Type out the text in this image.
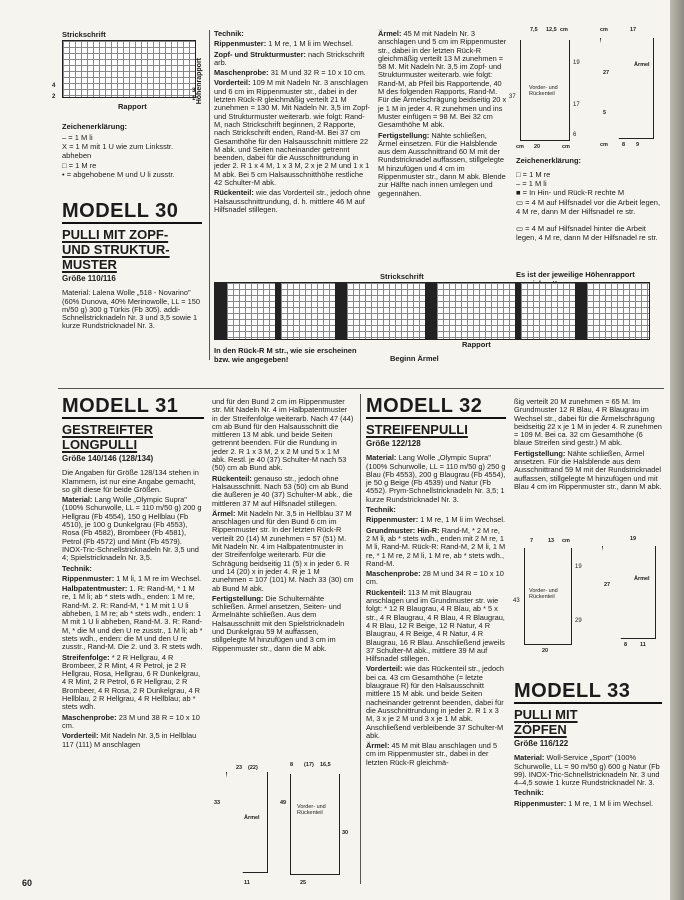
Strickschrift
Rapport
Höhenrapport
4
2
3
1
Zeichenerklärung:
– = 1 M li
X = 1 M mit 1 U wie zum Linksstr. abheben
□ = 1 M re
• = abgehobene M und U li zusstr.
MODELL 30
PULLI MIT ZOPF-
UND STRUKTUR-
MUSTER
Größe 110/116

Material: Lalena Wolle „518 - Novarino" (60% Dunova, 40% Merinowolle, LL = 150 m/50 g) 300 g Türkis (Fb 305). addi-Schnellstricknadeln Nr. 3 und 3,5 sowie 1 kurze Rundstricknadel Nr. 3.

Technik:

Rippenmuster: 1 M re, 1 M li im Wechsel.

Zopf- und Strukturmuster: nach Strickschrift arb.

Maschenprobe: 31 M und 32 R = 10 x 10 cm.

Vorderteil: 109 M mit Nadeln Nr. 3 anschlagen und 6 cm im Rippenmuster str., dabei in der letzten Rück-R gleichmäßig verteilt 21 M zunehmen = 130 M. Mit Nadeln Nr. 3,5 im Zopf- und Strukturmuster weiterarb. wie folgt: Rand-M, nach Strickschrift beginnen, 2 Rapporte, nach Strickschrift enden, Rand-M. Bei 37 cm Gesamthöhe für den Halsausschnitt mittlere 22 M abk. und Seiten nacheinander getrennt beenden, dabei für die Ausschnittrundung in jeder 2. R 1 x 4 M, 1 x 3 M, 2 x je 2 M und 1 x 1 M abk. Bei 5 cm Halsausschnitthöhe restliche 42 Schulter-M abk.

Rückenteil: wie das Vorderteil str., jedoch ohne Halsausschnittrundung, d. h. mittlere 46 M auf Hilfsnadel stillegen.

Ärmel: 45 M mit Nadeln Nr. 3 anschlagen und 5 cm im Rippenmuster str., dabei in der letzten Rück-R gleichmäßig verteilt 13 M zunehmen = 58 M. Mit Nadeln Nr. 3,5 im Zopf- und Strukturmuster weiterarb. wie folgt: Rand-M, ab Pfeil bis Rapportende, 40 M des folgenden Rapports, Rand-M. Für die Ärmelschrägung beidseitig 20 x je 1 M in jeder 4. R zunehmen und ins Muster einfügen = 98 M. Bei 32 cm Gesamthöhe M abk.

Fertigstellung: Nähte schließen, Ärmel einsetzen. Für die Halsblende aus dem Ausschnittrand 60 M mit der Rundstricknadel auffassen, stillgelegte M hinzufügen und 4 cm im Rippenmuster str., dann M abk. Blende zur Hälfte nach innen umlegen und gegennähen.

Vorder- und Rückenteil
19
17
6
37
7,5 12,5 cm
20
cm	cm
Ärmel
27
5
cm	17
cm	8 9
Zeichenerklärung:
□ = 1 M re
– = 1 M li
■ = In Hin- und Rück-R rechte M
▭ = 4 M auf Hilfsnadel vor die Arbeit legen, 4 M re, dann M der Hilfsnadel re str.
▭ = 4 M auf Hilfsnadel hinter die Arbeit legen, 4 M re, dann M der Hilfsnadel re str.
Es ist der jeweilige Höhenrapport
Strickschrift
In den Rück-R M str., wie sie erscheinen bzw. wie angegeben!
Rapport
Beginn Ärmel
MODELL 31
GESTREIFTER
LONGPULLI
Größe 140/146 (128/134)

Die Angaben für Größe 128/134 stehen in Klammern, ist nur eine Angabe gemacht, so gilt diese für beide Größen.

Material: Lang Wolle „Olympic Supra" (100% Schurwolle, LL = 110 m/50 g) 200 g Hellgrau (Fb 4554), 150 g Hellblau (Fb 4510), je 100 g Dunkelgrau (Fb 4553), Rosa (Fb 4582), Brombeer (Fb 4581), Petrol (Fb 4572) und Mint (Fb 4579). INOX-Tric-Schnellstricknadeln Nr. 3,5 und 4; Spielstricknadeln Nr. 3,5.

Technik:

Rippenmuster: 1 M li, 1 M re im Wechsel.

Halbpatentmuster: 1. R: Rand-M, * 1 M re, 1 M li; ab * stets wdh., enden: 1 M re, Rand-M. 2. R: Rand-M, * 1 M mit 1 U li abheben, 1 M re; ab * stets wdh., enden: 1 M mit 1 U li abheben, Rand-M. 3. R: Rand-M, * die M und den U re zusstr., 1 M li; ab * stets wdh., enden: die M und den U re zusstr., Rand-M. Die 2. und 3. R stets wdh.

Streifenfolge: * 2 R Hellgrau, 4 R Brombeer, 2 R Mint, 4 R Petrol, je 2 R Hellgrau, Rosa, Hellgrau, 6 R Dunkelgrau, 4 R Mint, 2 R Petrol, 6 R Hellgrau, 2 R Brombeer, 4 R Rosa, 2 R Dunkelgrau, 4 R Hellblau, 2 R Hellgrau, 4 R Hellblau; ab * stets wdh.

Maschenprobe: 23 M und 38 R = 10 x 10 cm.

Vorderteil: Mit Nadeln Nr. 3,5 in Hellblau 117 (111) M anschlagen

und für den Bund 2 cm im Rippenmuster str. Mit Nadeln Nr. 4 im Halbpatentmuster in der Streifenfolge weiterarb. Nach 47 (44) cm ab Bund für den Halsausschnitt die mittleren 13 M abk. und beide Seiten getrennt beenden. Für die Rundung in jeder 2. R 1 x 3 M, 2 x 2 M und 5 x 1 M abk. Restl. je 40 (37) Schulter-M nach 53 (50) cm ab Bund abk.

Rückenteil: genauso str., jedoch ohne Halsausschnitt. Nach 53 (50) cm ab Bund die äußeren je 40 (37) Schulter-M abk., die mittleren 37 M auf Hilfsnadel stillegen.

Ärmel: Mit Nadeln Nr. 3,5 in Hellblau 37 M anschlagen und für den Bund 6 cm im Rippenmuster str. In der letzten Rück-R verteilt 20 (14) M zunehmen = 57 (51) M. Mit Nadeln Nr. 4 im Halbpatentmuster in der Streifenfolge weiterarb. Für die Schrägung beidseitig 11 (5) x in jeder 6. R und 14 (20) x in jeder 4. R je 1 M zunehmen = 107 (101) M. Nach 33 (30) cm ab Bund M abk.

Fertigstellung: Die Schulternähte schließen. Ärmel ansetzen, Seiten- und Ärmelnähte schließen. Aus dem Halsausschnitt mit den Spielstricknadeln und Dunkelgrau 59 M auffassen, stillgelegte M hinzufügen und 3 cm im Rippenmuster str., dann die M abk.

Ärmel
Vorder- und Rückenteil
8 (17) 16,5
23 (22)
33	49
30
25
11
MODELL 32
STREIFENPULLI
Größe 122/128

Material: Lang Wolle „Olympic Supra" (100% Schurwolle, LL = 110 m/50 g) 250 g Blau (Fb 4553), 200 g Blaugrau (Fb 4554), je 50 g Beige (Fb 4539) und Natur (Fb 4552). Prym-Schnellstricknadeln Nr. 3,5; 1 kurze Rundstricknadel Nr. 3.

Technik:

Rippenmuster: 1 M re, 1 M li im Wechsel.

Grundmuster: Hin-R: Rand-M, * 2 M re, 2 M li, ab * stets wdh., enden mit 2 M re, 1 M li, Rand-M. Rück-R: Rand-M, 2 M li, 1 M re, * 1 M re, 2 M li, 1 M re, ab * stets wdh., Rand-M.

Maschenprobe: 28 M und 34 R = 10 x 10 cm.

Rückenteil: 113 M mit Blaugrau anschlagen und im Grundmuster str. wie folgt: * 12 R Blaugrau, 4 R Blau, ab * 5 x str., 4 R Blaugrau, 4 R Blau, 4 R Blaugrau, 4 R Blau, 12 R Beige, 12 R Natur, 4 R Blaugrau, 4 R Beige, 4 R Natur, 4 R Blaugrau, 16 R Blau. Anschließend jeweils 37 Schulter-M abk., mittlere 39 M auf Hilfsnadel stillegen.

Vorderteil: wie das Rückenteil str., jedoch bei ca. 43 cm Gesamthöhe (= letzte blaugraue R) für den Halsausschnitt mittlere 15 M abk. und beide Seiten nacheinander getrennt beenden, dabei für die Ausschnittrundung in jeder 2. R 1 x 3 M, 3 x je 2 M und 3 x je 1 M abk. Anschließend verbleibende 37 Schulter-M abk.

Ärmel: 45 M mit Blau anschlagen und 5 cm im Rippenmuster str., dabei in der letzten Rück-R gleichmä-

ßig verteilt 20 M zunehmen = 65 M. Im Grundmuster 12 R Blau, 4 R Blaugrau im Wechsel str., dabei für die Ärmelschrägung beidseitig 22 x je 1 M in jeder 4. R zunehmen = 109 M. Bei ca. 32 cm Gesamthöhe (6 blaue Streifen sind gestr.) M abk.

Fertigstellung: Nähte schließen, Ärmel ansetzen. Für die Halsblende aus dem Ausschnittrand 59 M mit der Rundstricknadel auffassen, stillgelegte M hinzufügen und mit Blau 4 cm im Rippenmuster str., dann M abk.

Vorder- und Rückenteil
19
29
43
7	13 cm
20
Ärmel
27
19
8 11
MODELL 33
PULLI MIT
ZÖPFEN
Größe 116/122

Material: Woll-Service „Sport" (100% Schurwolle, LL = 90 m/50 g) 600 g Natur (Fb 99). INOX-Tric-Schnellstricknadeln Nr. 3 und 4–4,5 sowie 1 kurze Rundstricknadel Nr. 3.

Technik:

Rippenmuster: 1 M re, 1 M li im Wechsel.

60
